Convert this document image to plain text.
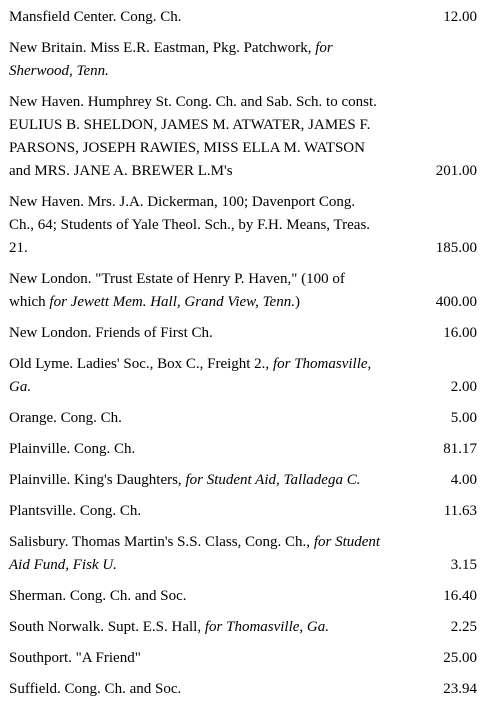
Mansfield Center. Cong. Ch.	12.00
New Britain. Miss E.R. Eastman, Pkg. Patchwork, for Sherwood, Tenn.
New Haven. Humphrey St. Cong. Ch. and Sab. Sch. to const. EULIUS B. SHELDON, JAMES M. ATWATER, JAMES F. PARSONS, JOSEPH RAWIES, MISS ELLA M. WATSON and MRS. JANE A. BREWER L.M's	201.00
New Haven. Mrs. J.A. Dickerman, 100; Davenport Cong. Ch., 64; Students of Yale Theol. Sch., by F.H. Means, Treas. 21.	185.00
New London. "Trust Estate of Henry P. Haven," (100 of which for Jewett Mem. Hall, Grand View, Tenn.)	400.00
New London. Friends of First Ch.	16.00
Old Lyme. Ladies' Soc., Box C., Freight 2., for Thomasville, Ga.	2.00
Orange. Cong. Ch.	5.00
Plainville. Cong. Ch.	81.17
Plainville. King's Daughters, for Student Aid, Talladega C.	4.00
Plantsville. Cong. Ch.	11.63
Salisbury. Thomas Martin's S.S. Class, Cong. Ch., for Student Aid Fund, Fisk U.	3.15
Sherman. Cong. Ch. and Soc.	16.40
South Norwalk. Supt. E.S. Hall, for Thomasville, Ga.	2.25
Southport. "A Friend"	25.00
Suffield. Cong. Ch. and Soc.	23.94
